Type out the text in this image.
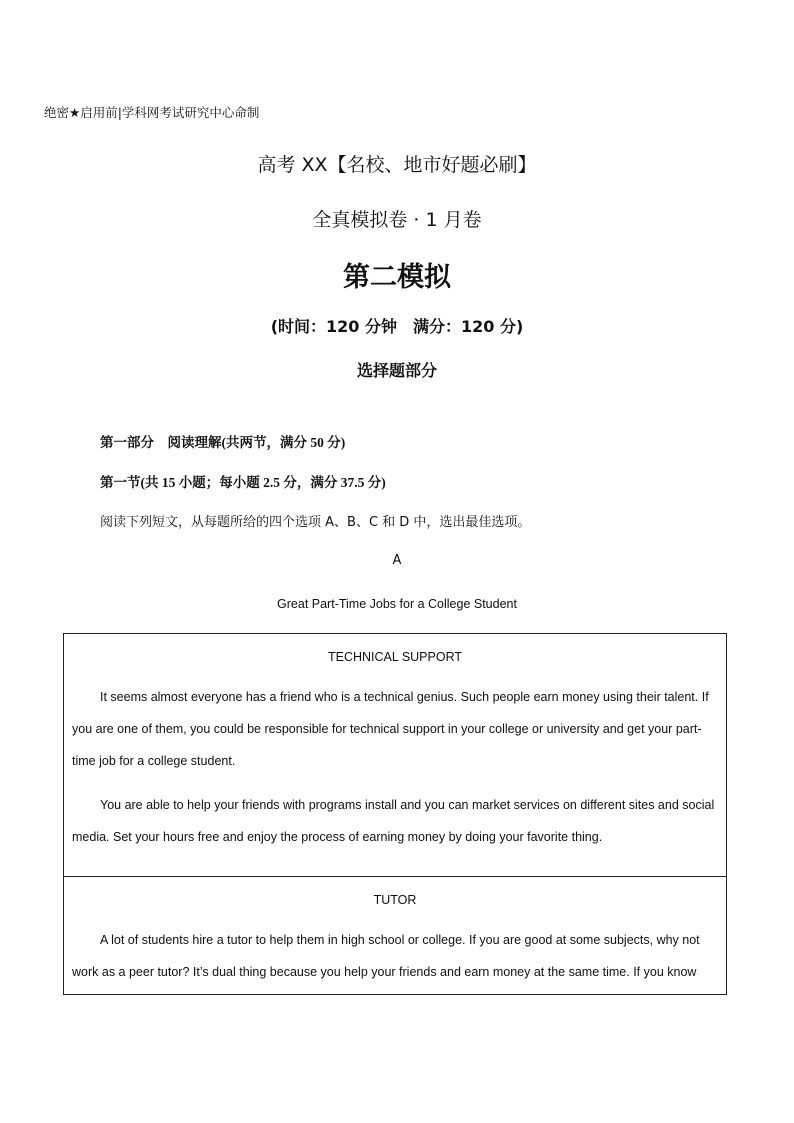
绝密★启用前|学科网考试研究中心命制
高考 XX【名校、地市好题必刷】
全真模拟卷 · 1 月卷
第二模拟
(时间：120 分钟　满分：120 分)
选择题部分
第一部分　阅读理解(共两节，满分 50 分)
第一节(共 15 小题；每小题 2.5 分，满分 37.5 分)
阅读下列短文，从每题所给的四个选项 A、B、C 和 D 中，选出最佳选项。
A
Great Part-Time Jobs for a College Student
TECHNICAL SUPPORT

It seems almost everyone has a friend who is a technical genius. Such people earn money using their talent. If you are one of them, you could be responsible for technical support in your college or university and get your part-time job for a college student.

You are able to help your friends with programs install and you can market services on different sites and social media. Set your hours free and enjoy the process of earning money by doing your favorite thing.

TUTOR

A lot of students hire a tutor to help them in high school or college. If you are good at some subjects, why not work as a peer tutor? It’s dual thing because you help your friends and earn money at the same time. If you know
